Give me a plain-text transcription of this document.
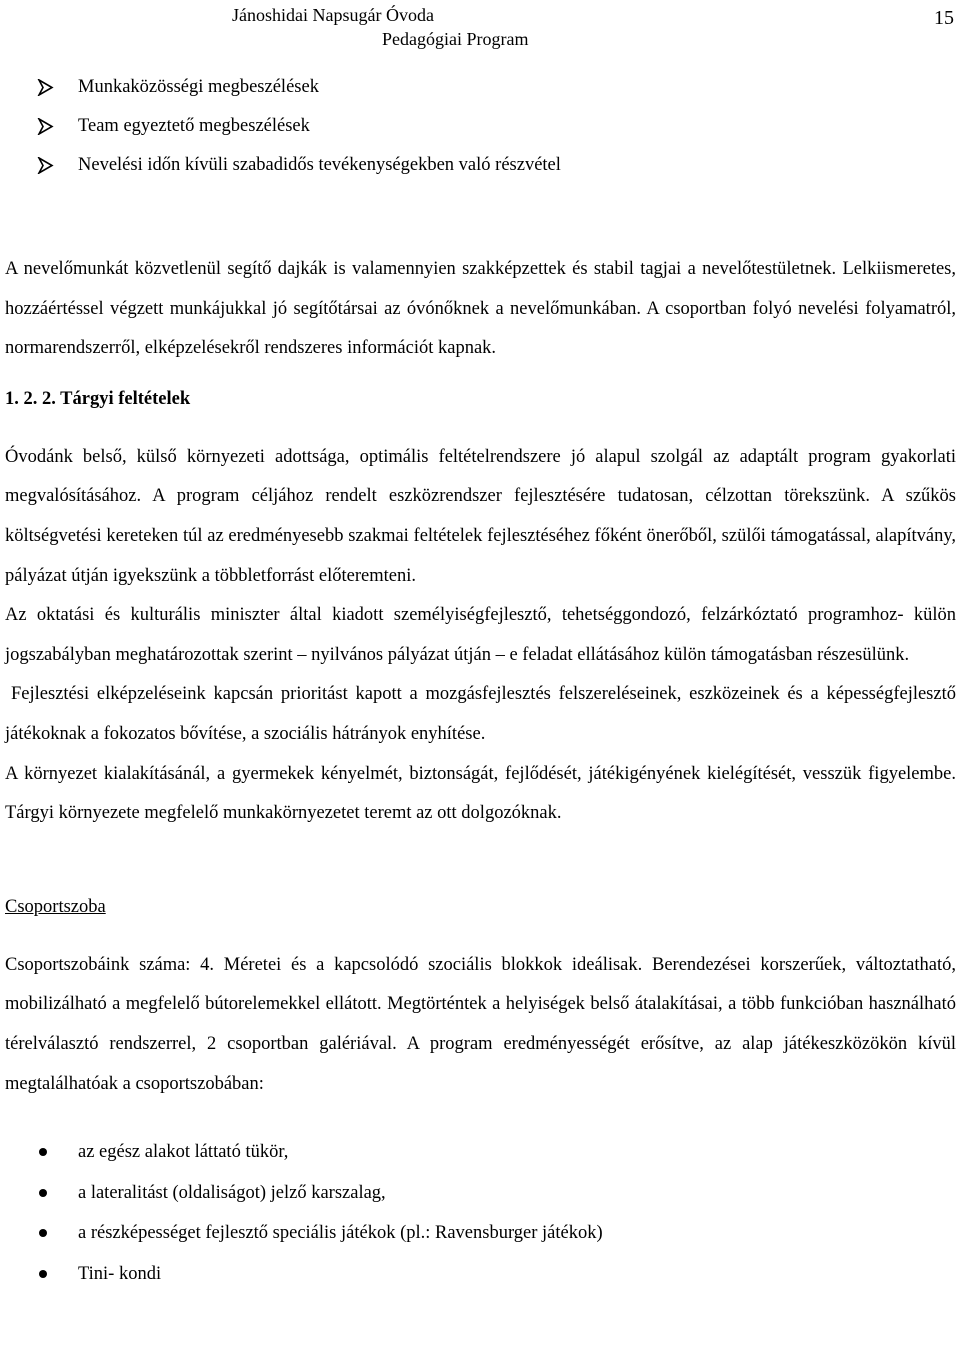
Jánoshidai Napsugár Óvoda
Pedagógiai Program
15
Munkaközösségi megbeszélések
Team egyeztető megbeszélések
Nevelési időn kívüli szabadidős tevékenységekben való részvétel

A nevelőmunkát közvetlenül segítő dajkák is valamennyien szakképzettek és stabil tagjai a nevelőtestületnek. Lelkiismeretes, hozzáértéssel végzett munkájukkal jó segítőtársai az óvónőknek a nevelőmunkában. A csoportban folyó nevelési folyamatról, normarendszerről, elképzelésekről rendszeres információt kapnak.

1. 2. 2. Tárgyi feltételek

Óvodánk belső, külső környezeti adottsága, optimális feltételrendszere jó alapul szolgál az adaptált program gyakorlati megvalósításához. A program céljához rendelt eszközrendszer fejlesztésére tudatosan, célzottan törekszünk. A szűkös költségvetési kereteken túl az eredményesebb szakmai feltételek fejlesztéséhez főként önerőből, szülői támogatással, alapítvány, pályázat útján igyekszünk a többletforrást előteremteni.

Az oktatási és kulturális miniszter által kiadott személyiségfejlesztő, tehetséggondozó, felzárkóztató programhoz- külön jogszabályban meghatározottak szerint – nyilvános pályázat útján – e feladat ellátásához külön támogatásban részesülünk.

Fejlesztési elképzeléseink kapcsán prioritást kapott a mozgásfejlesztés felszereléseinek, eszközeinek és a képességfejlesztő játékoknak a fokozatos bővítése, a szociális hátrányok enyhítése.

A környezet kialakításánál, a gyermekek kényelmét, biztonságát, fejlődését, játékigényének kielégítését, vesszük figyelembe. Tárgyi környezete megfelelő munkakörnyezetet teremt az ott dolgozóknak.

Csoportszoba

Csoportszobáink száma: 4. Méretei és a kapcsolódó szociális blokkok ideálisak. Berendezései korszerűek, változtatható, mobilizálható a megfelelő bútorelemekkel ellátott. Megtörténtek a helyiségek belső átalakításai, a több funkcióban használható térelválasztó rendszerrel, 2 csoportban galériával. A program eredményességét erősítve, az alap játékeszközökön kívül megtalálhatóak a csoportszobában:

az egész alakot láttató tükör,
a lateralitást (oldaliságot) jelző karszalag,
a részképességet fejlesztő speciális játékok (pl.: Ravensburger játékok)
Tini- kondi
